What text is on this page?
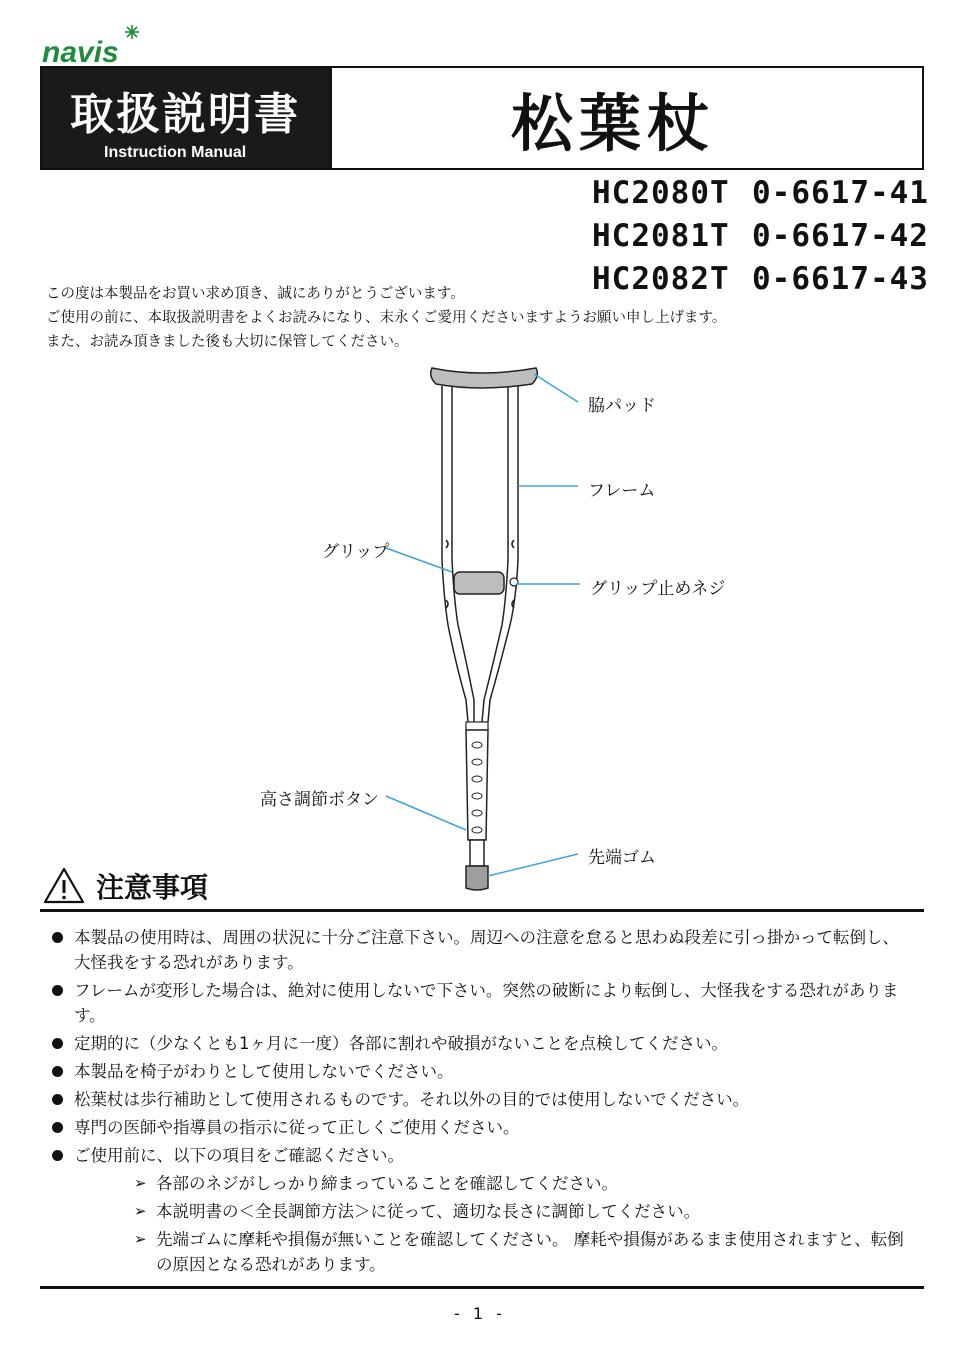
navis
取扱説明書
Instruction Manual	松葉杖
HC2080T 0-6617-41
HC2081T 0-6617-42
HC2082T 0-6617-43
この度は本製品をお買い求め頂き、誠にありがとうございます。
ご使用の前に、本取扱説明書をよくお読みになり、末永くご愛用くださいますようお願い申し上げます。
また、お読み頂きました後も大切に保管してください。
脇パッド
フレーム
グリップ
グリップ止めネジ
高さ調節ボタン
先端ゴム
注意事項
本製品の使用時は、周囲の状況に十分ご注意下さい。周辺への注意を怠ると思わぬ段差に引っ掛かって転倒し、大怪我をする恐れがあります。
フレームが変形した場合は、絶対に使用しないで下さい。突然の破断により転倒し、大怪我をする恐れがあります。
定期的に（少なくとも1ヶ月に一度）各部に割れや破損がないことを点検してください。
本製品を椅子がわりとして使用しないでください。
松葉杖は歩行補助として使用されるものです。それ以外の目的では使用しないでください。
専門の医師や指導員の指示に従って正しくご使用ください。
ご使用前に、以下の項目をご確認ください。
➢ 各部のネジがしっかり締まっていることを確認してください。
➢ 本説明書の＜全長調節方法＞に従って、適切な長さに調節してください。
➢ 先端ゴムに摩耗や損傷が無いことを確認してください。 摩耗や損傷があるまま使用されますと、転倒の原因となる恐れがあります。
- 1 -
